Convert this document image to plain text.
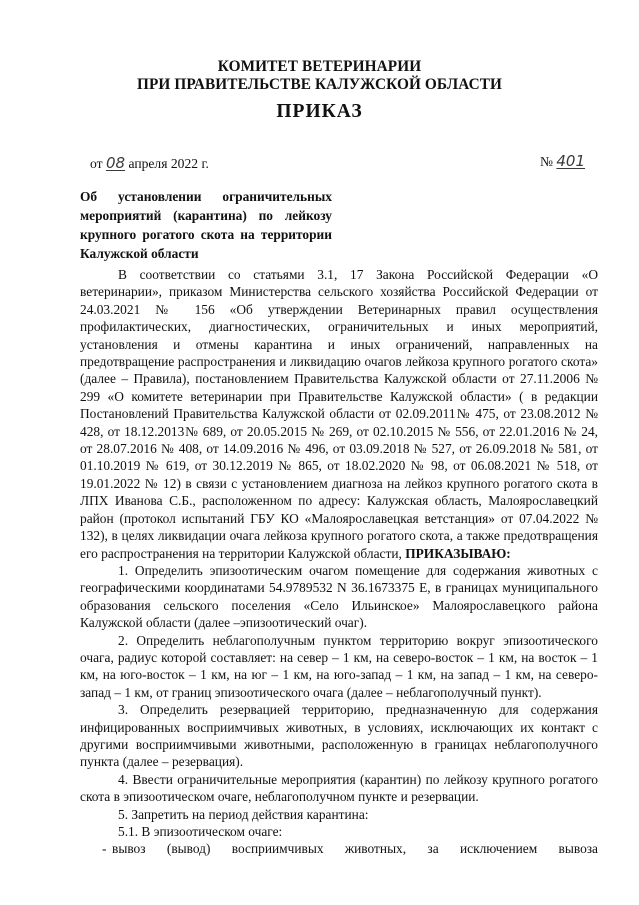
КОМИТЕТ ВЕТЕРИНАРИИ
ПРИ ПРАВИТЕЛЬСТВЕ КАЛУЖСКОЙ ОБЛАСТИ
ПРИКАЗ
от 08 апреля 2022 г.	№ 401

Об установлении ограничительных

мероприятий (карантина) по лейкозу

крупного рогатого скота на территории

Калужской области

В соответствии со статьями 3.1, 17 Закона Российской Федерации «О ветеринарии», приказом Министерства сельского хозяйства Российской Федерации от 24.03.2021 № 156 «Об утверждении Ветеринарных правил осуществления профилактических, диагностических, ограничительных и иных мероприятий, установления и отмены карантина и иных ограничений, направленных на предотвращение распространения и ликвидацию очагов лейкоза крупного рогатого скота» (далее – Правила), постановлением Правительства Калужской области от 27.11.2006 № 299 «О комитете ветеринарии при Правительстве Калужской области» ( в редакции Постановлений Правительства Калужской области от 02.09.2011№ 475, от 23.08.2012 № 428, от 18.12.2013№ 689, от 20.05.2015 № 269, от 02.10.2015 № 556, от 22.01.2016 № 24, от 28.07.2016 № 408, от 14.09.2016 № 496, от 03.09.2018 № 527, от 26.09.2018 № 581, от 01.10.2019 № 619, от 30.12.2019 № 865, от 18.02.2020 № 98, от 06.08.2021 № 518, от 19.01.2022 № 12) в связи с установлением диагноза на лейкоз крупного рогатого скота в ЛПХ Иванова С.Б., расположенном по адресу: Калужская область, Малоярославецкий район (протокол испытаний ГБУ КО «Малоярославецкая ветстанция» от 07.04.2022 № 132), в целях ликвидации очага лейкоза крупного рогатого скота, а также предотвращения его распространения на территории Калужской области, ПРИКАЗЫВАЮ:

1. Определить эпизоотическим очагом помещение для содержания животных с географическими координатами 54.9789532 N 36.1673375 E, в границах муниципального образования сельского поселения «Село Ильинское» Малоярославецкого района Калужской области (далее –эпизоотический очаг).

2. Определить неблагополучным пунктом территорию вокруг эпизоотического очага, радиус которой составляет: на север – 1 км, на северо-восток – 1 км, на восток – 1 км, на юго-восток – 1 км, на юг – 1 км, на юго-запад – 1 км, на запад – 1 км, на северо-запад – 1 км, от границ эпизоотического очага (далее – неблагополучный пункт).

3. Определить резервацией территорию, предназначенную для содержания инфицированных восприимчивых животных, в условиях, исключающих их контакт с другими восприимчивыми животными, расположенную в границах неблагополучного пункта (далее – резервация).

4. Ввести ограничительные мероприятия (карантин) по лейкозу крупного рогатого скота в эпизоотическом очаге, неблагополучном пункте и резервации.

5. Запретить на период действия карантина:

5.1. В эпизоотическом очаге:

- вывоз (вывод) восприимчивых животных, за исключением вывоза
